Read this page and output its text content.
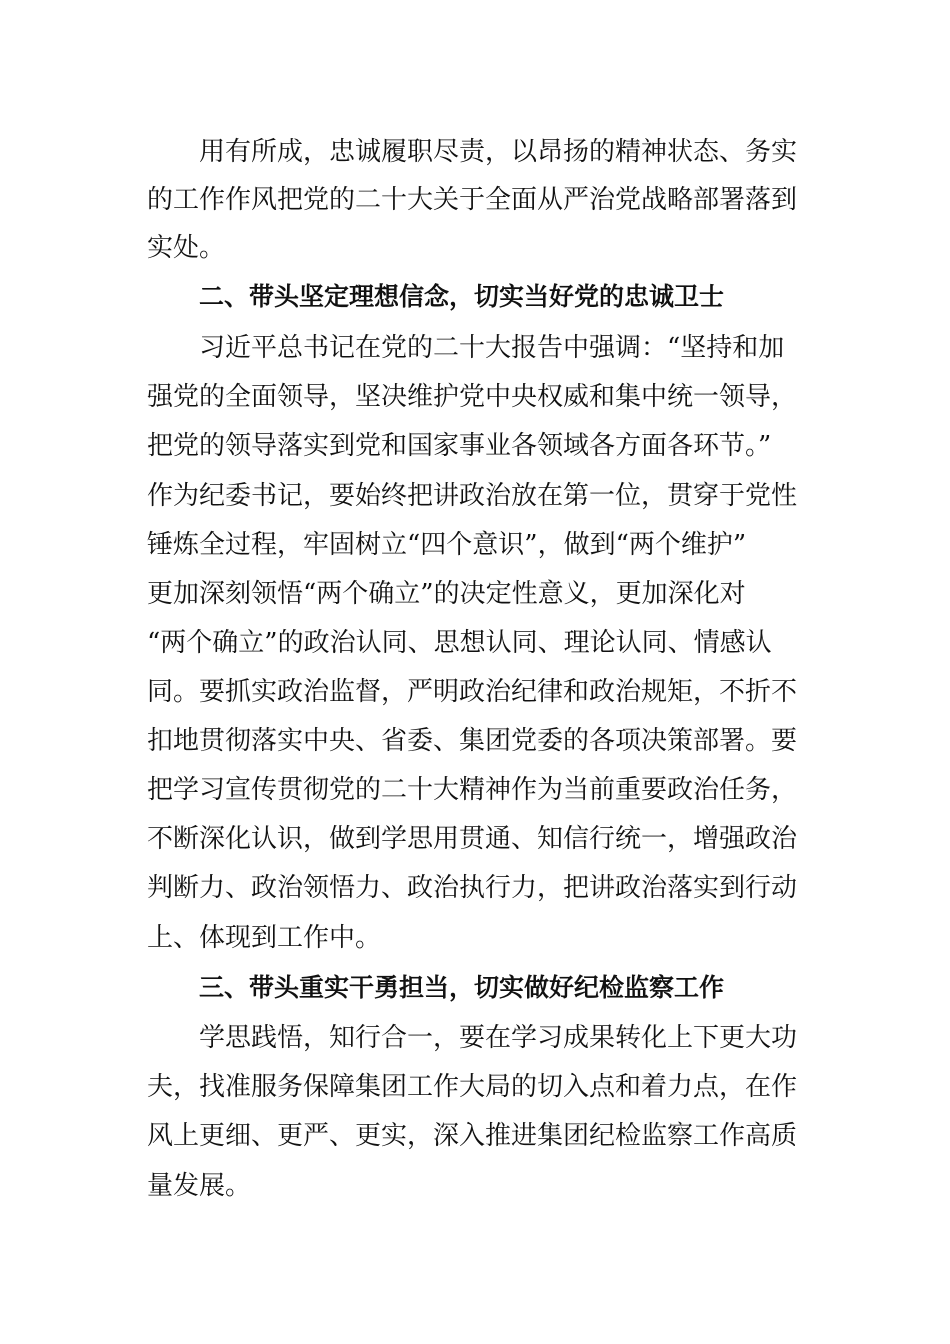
用有所成，忠诚履职尽责，以昂扬的精神状态、务实
的工作作风把党的二十大关于全面从严治党战略部署落到
实处。
二、带头坚定理想信念，切实当好党的忠诚卫士
习近平总书记在党的二十大报告中强调：“坚持和加
强党的全面领导，坚决维护党中央权威和集中统一领导，
把党的领导落实到党和国家事业各领域各方面各环节。”
作为纪委书记，要始终把讲政治放在第一位，贯穿于党性
锤炼全过程，牢固树立“四个意识”，做到“两个维护”
更加深刻领悟“两个确立”的决定性意义，更加深化对
“两个确立”的政治认同、思想认同、理论认同、情感认
同。要抓实政治监督，严明政治纪律和政治规矩，不折不
扣地贯彻落实中央、省委、集团党委的各项决策部署。要
把学习宣传贯彻党的二十大精神作为当前重要政治任务，
不断深化认识，做到学思用贯通、知信行统一，增强政治
判断力、政治领悟力、政治执行力，把讲政治落实到行动
上、体现到工作中。
三、带头重实干勇担当，切实做好纪检监察工作
学思践悟，知行合一，要在学习成果转化上下更大功
夫，找准服务保障集团工作大局的切入点和着力点，在作
风上更细、更严、更实，深入推进集团纪检监察工作高质
量发展。
